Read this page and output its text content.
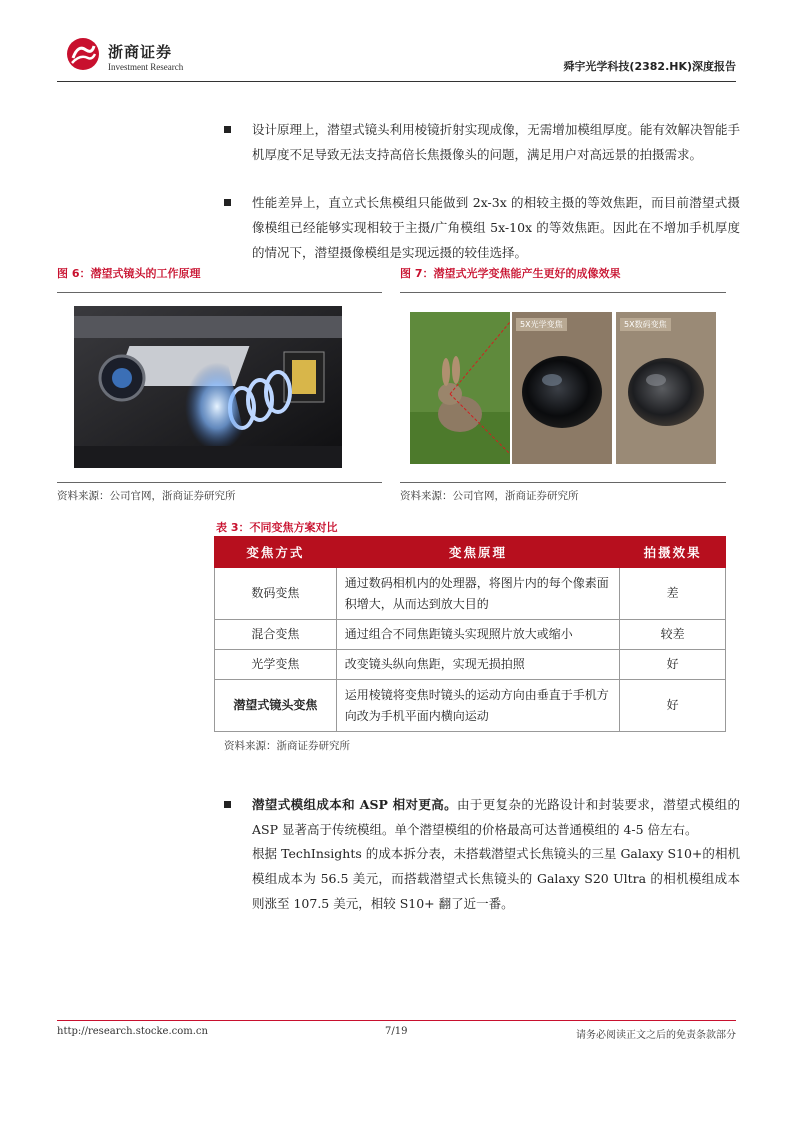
浙商证券
Investment Research	舜宇光学科技(2382.HK)深度报告
设计原理上，潜望式镜头利用棱镜折射实现成像，无需增加模组厚度。能有效解决智能手机厚度不足导致无法支持高倍长焦摄像头的问题，满足用户对高远景的拍摄需求。
性能差异上，直立式长焦模组只能做到 2x-3x 的相较主摄的等效焦距，而目前潜望式摄像模组已经能够实现相较于主摄/广角模组 5x-10x 的等效焦距。因此在不增加手机厚度的情况下，潜望摄像模组是实现远摄的较佳选择。
图 6：潜望式镜头的工作原理
资料来源：公司官网，浙商证券研究所
图 7：潜望式光学变焦能产生更好的成像效果
5X光学变焦	5X数码变焦
资料来源：公司官网，浙商证券研究所
表 3：不同变焦方案对比
变焦方式	变焦原理	拍摄效果
数码变焦	通过数码相机内的处理器，将图片内的每个像素面积增大，从而达到放大目的	差
混合变焦	通过组合不同焦距镜头实现照片放大或缩小	较差
光学变焦	改变镜头纵向焦距，实现无损拍照	好
潜望式镜头变焦	运用棱镜将变焦时镜头的运动方向由垂直于手机方向改为手机平面内横向运动	好
资料来源：浙商证券研究所
潜望式模组成本和 ASP 相对更高。由于更复杂的光路设计和封装要求，潜望式模组的 ASP 显著高于传统模组。单个潜望模组的价格最高可达普通模组的 4-5 倍左右。
根据 TechInsights 的成本拆分表，未搭载潜望式长焦镜头的三星 Galaxy S10+的相机模组成本为 56.5 美元，而搭载潜望式长焦镜头的 Galaxy S20 Ultra 的相机模组成本则涨至 107.5 美元，相较 S10+ 翻了近一番。
http://research.stocke.com.cn	7/19	请务必阅读正文之后的免责条款部分
